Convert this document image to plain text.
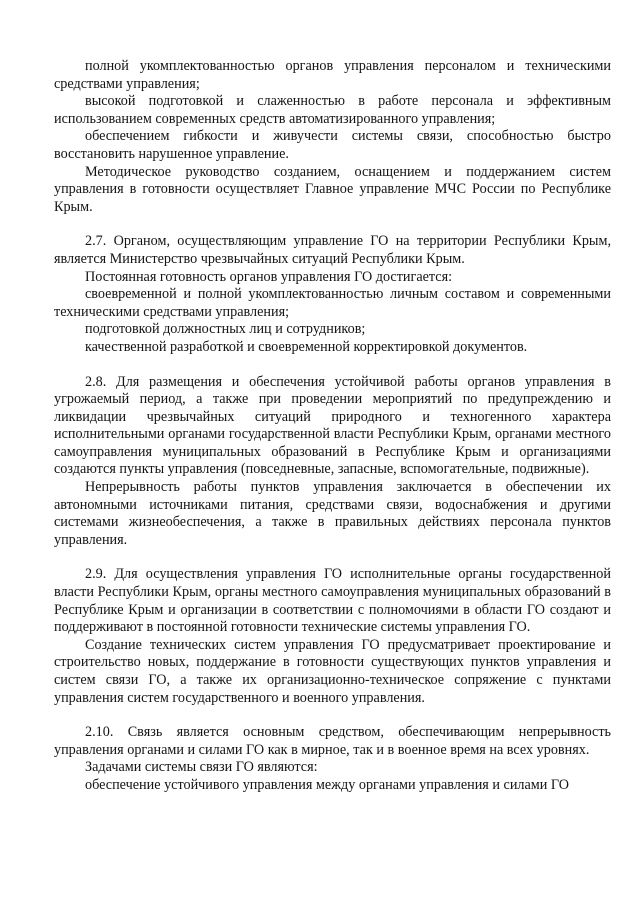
полной укомплектованностью органов управления персоналом и техническими средствами управления;

высокой подготовкой и слаженностью в работе персонала и эффективным использованием современных средств автоматизированного управления;

обеспечением гибкости и живучести системы связи, способностью быстро восстановить нарушенное управление.

Методическое руководство созданием, оснащением и поддержанием систем управления в готовности осуществляет Главное управление МЧС России по Республике Крым.

2.7. Органом, осуществляющим управление ГО на территории Республики Крым, является Министерство чрезвычайных ситуаций Республики Крым.

Постоянная готовность органов управления ГО достигается:

своевременной и полной укомплектованностью личным составом и современными техническими средствами управления;

подготовкой должностных лиц и сотрудников;

качественной разработкой и своевременной корректировкой документов.

2.8. Для размещения и обеспечения устойчивой работы органов управления в угрожаемый период, а также при проведении мероприятий по предупреждению и ликвидации чрезвычайных ситуаций природного и техногенного характера исполнительными органами государственной власти Республики Крым, органами местного самоуправления муниципальных образований в Республике Крым и организациями создаются пункты управления (повседневные, запасные, вспомогательные, подвижные).

Непрерывность работы пунктов управления заключается в обеспечении их автономными источниками питания, средствами связи, водоснабжения и другими системами жизнеобеспечения, а также в правильных действиях персонала пунктов управления.

2.9. Для осуществления управления ГО исполнительные органы государственной власти Республики Крым, органы местного самоуправления муниципальных образований в Республике Крым и организации в соответствии с полномочиями в области ГО создают и поддерживают в постоянной готовности технические системы управления ГО.

Создание технических систем управления ГО предусматривает проектирование и строительство новых, поддержание в готовности существующих пунктов управления и систем связи ГО, а также их организационно-техническое сопряжение с пунктами управления систем государственного и военного управления.

2.10. Связь является основным средством, обеспечивающим непрерывность управления органами и силами ГО как в мирное, так и в военное время на всех уровнях.

Задачами системы связи ГО являются:

обеспечение устойчивого управления между органами управления и силами ГО
